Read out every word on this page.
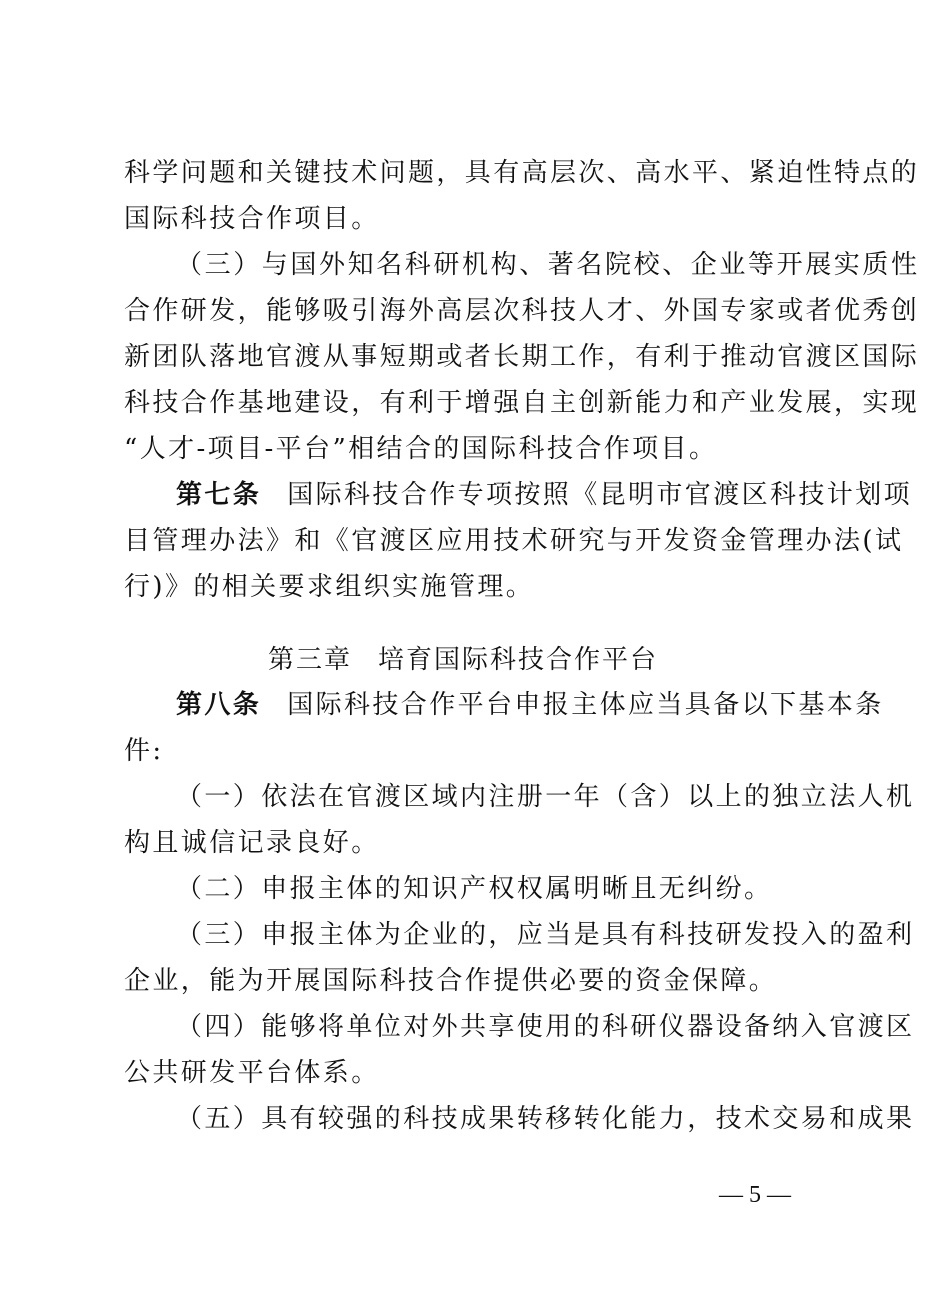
科学问题和关键技术问题，具有高层次、高水平、紧迫性特点的
国际科技合作项目。
（三）与国外知名科研机构、著名院校、企业等开展实质性
合作研发，能够吸引海外高层次科技人才、外国专家或者优秀创
新团队落地官渡从事短期或者长期工作，有利于推动官渡区国际
科技合作基地建设，有利于增强自主创新能力和产业发展，实现
“人才-项目-平台”相结合的国际科技合作项目。
第七条 国际科技合作专项按照《昆明市官渡区科技计划项
目管理办法》和《官渡区应用技术研究与开发资金管理办法(试
行)》的相关要求组织实施管理。
第三章 培育国际科技合作平台
第八条 国际科技合作平台申报主体应当具备以下基本条
件:
（一）依法在官渡区域内注册一年（含）以上的独立法人机
构且诚信记录良好。
（二）申报主体的知识产权权属明晰且无纠纷。
（三）申报主体为企业的，应当是具有科技研发投入的盈利
企业，能为开展国际科技合作提供必要的资金保障。
（四）能够将单位对外共享使用的科研仪器设备纳入官渡区
公共研发平台体系。
（五）具有较强的科技成果转移转化能力，技术交易和成果
— 5 —
